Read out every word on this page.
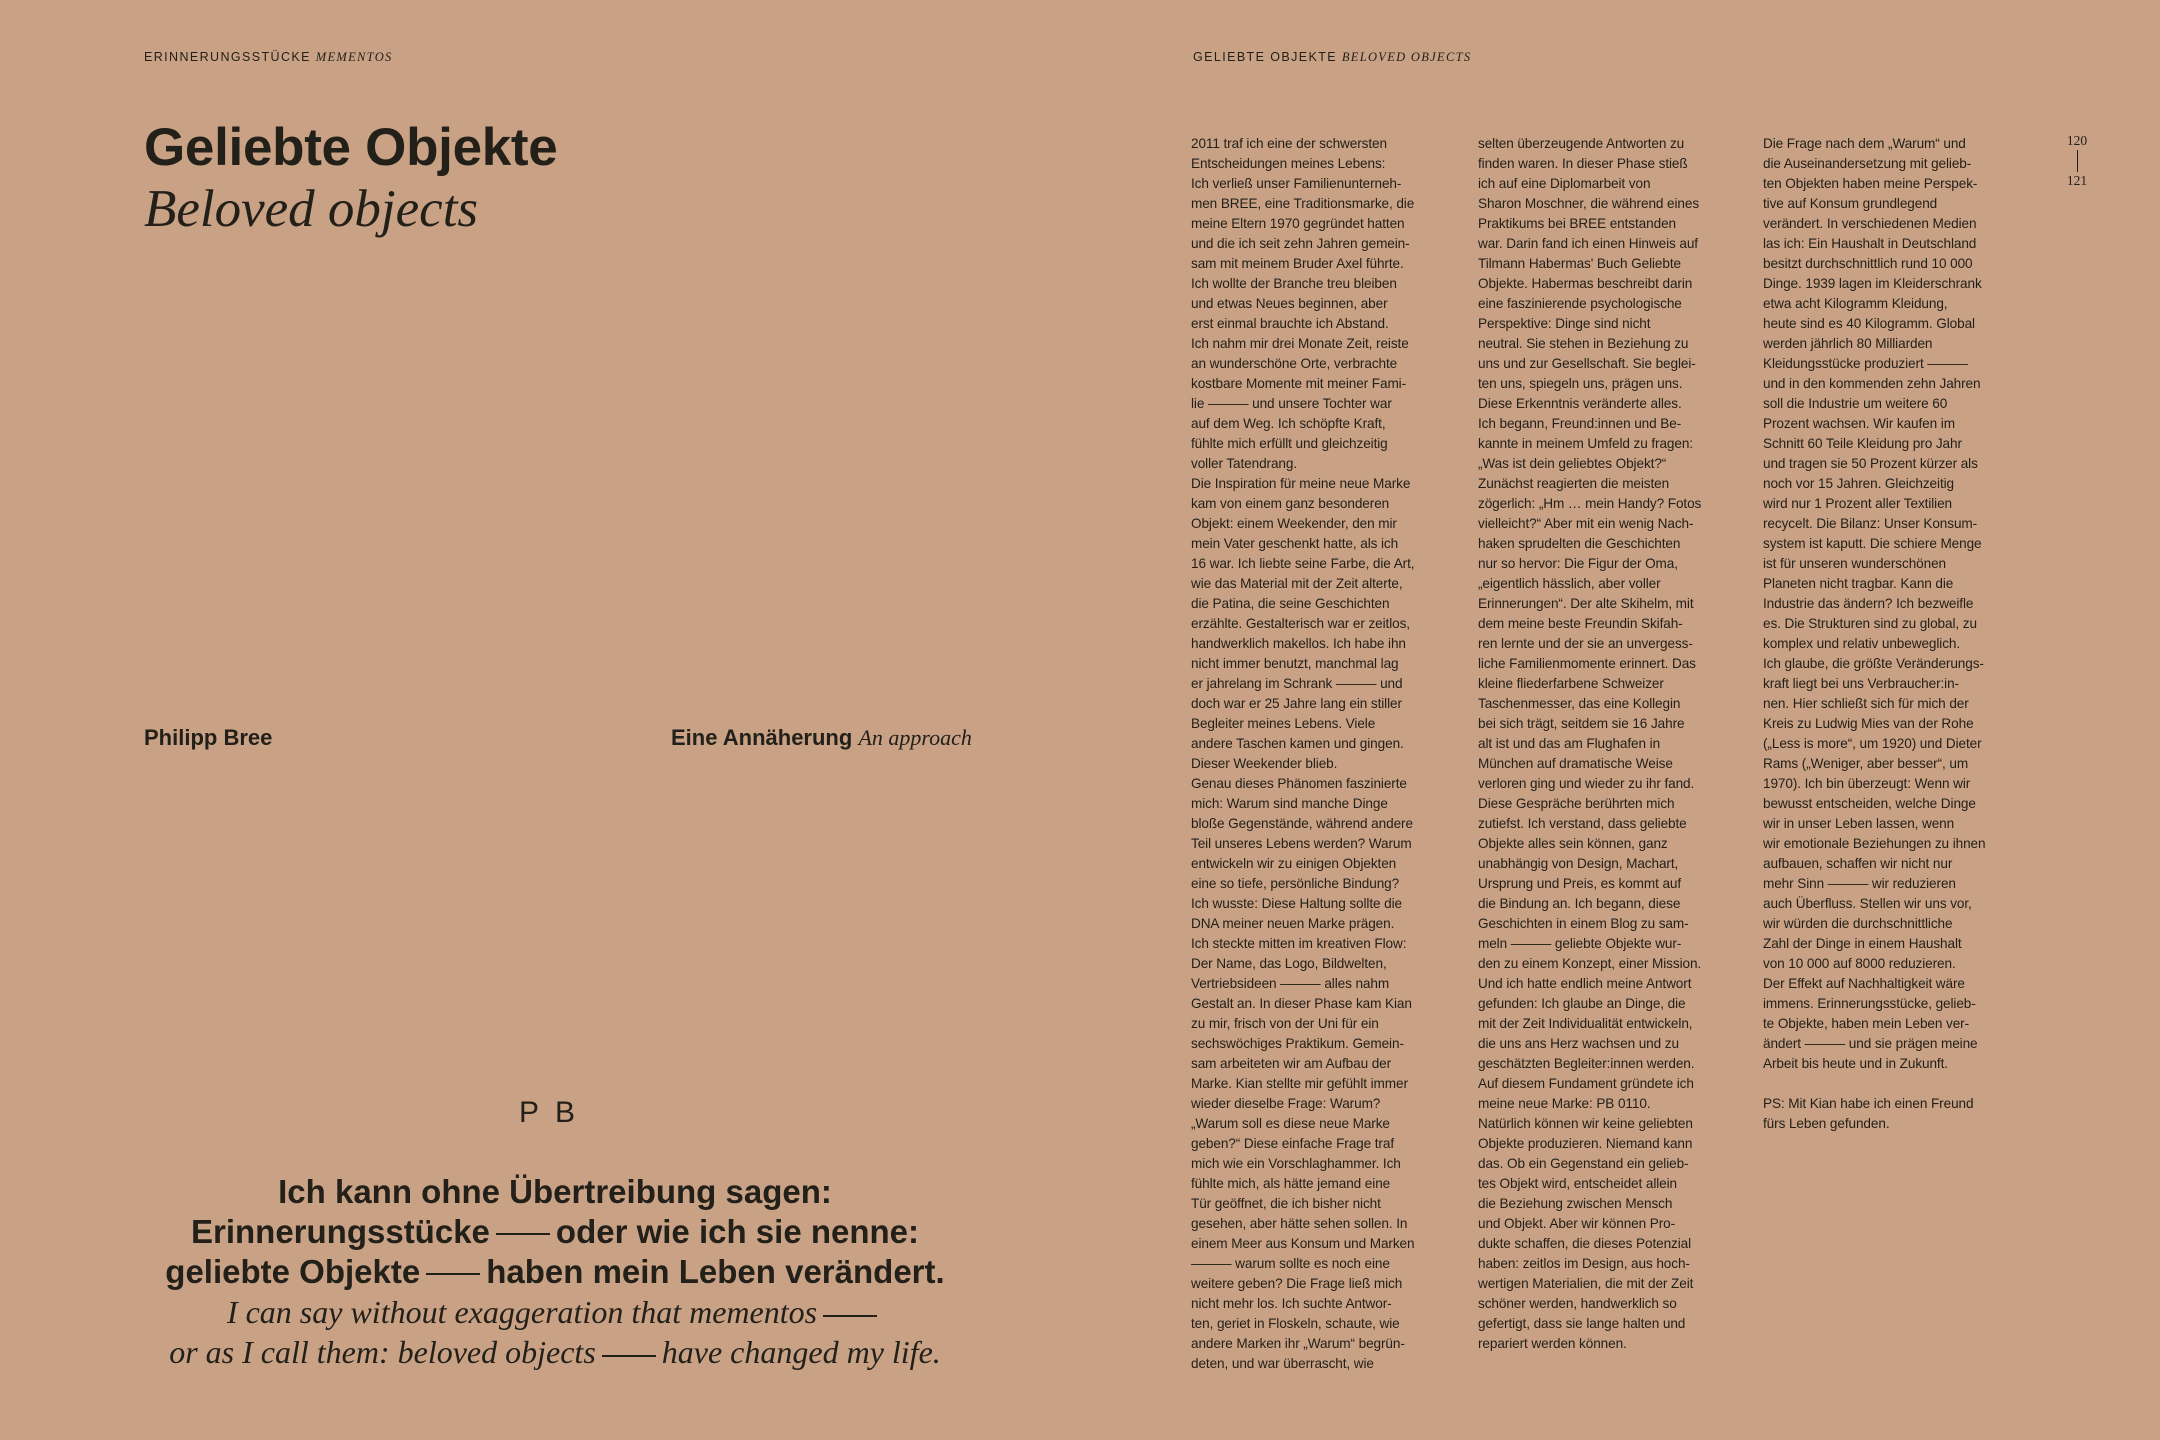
ERINNERUNGSSTÜCKE MEMENTOS
Geliebte Objekte
Beloved objects
Philipp Bree	Eine Annäherung An approach
PB
Ich kann ohne Übertreibung sagen:
Erinnerungsstücke oder wie ich sie nenne:
geliebte Objekte haben mein Leben verändert.
I can say without exaggeration that mementos
or as I call them: beloved objects have changed my life.
GELIEBTE OBJEKTE BELOVED OBJECTS

2011 traf ich eine der schwersten

Entscheidungen meines Lebens:

Ich verließ unser Familienunterneh-

men BREE, eine Traditionsmarke, die

meine Eltern 1970 gegründet hatten

und die ich seit zehn Jahren gemein-

sam mit meinem Bruder Axel führte.

Ich wollte der Branche treu bleiben

und etwas Neues beginnen, aber

erst einmal brauchte ich Abstand.

Ich nahm mir drei Monate Zeit, reiste

an wunderschöne Orte, verbrachte

kostbare Momente mit meiner Fami-

lie ——— und unsere Tochter war

auf dem Weg. Ich schöpfte Kraft,

fühlte mich erfüllt und gleichzeitig

voller Tatendrang.

Die Inspiration für meine neue Marke

kam von einem ganz besonderen

Objekt: einem Weekender, den mir

mein Vater geschenkt hatte, als ich

16 war. Ich liebte seine Farbe, die Art,

wie das Material mit der Zeit alterte,

die Patina, die seine Geschichten

erzählte. Gestalterisch war er zeitlos,

handwerklich makellos. Ich habe ihn

nicht immer benutzt, manchmal lag

er jahrelang im Schrank ——— und

doch war er 25 Jahre lang ein stiller

Begleiter meines Lebens. Viele

andere Taschen kamen und gingen.

Dieser Weekender blieb.

Genau dieses Phänomen faszinierte

mich: Warum sind manche Dinge

bloße Gegenstände, während andere

Teil unseres Lebens werden? Warum

entwickeln wir zu einigen Objekten

eine so tiefe, persönliche Bindung?

Ich wusste: Diese Haltung sollte die

DNA meiner neuen Marke prägen.

Ich steckte mitten im kreativen Flow:

Der Name, das Logo, Bildwelten,

Vertriebsideen ——— alles nahm

Gestalt an. In dieser Phase kam Kian

zu mir, frisch von der Uni für ein

sechswöchiges Praktikum. Gemein-

sam arbeiteten wir am Aufbau der

Marke. Kian stellte mir gefühlt immer

wieder dieselbe Frage: Warum?

„Warum soll es diese neue Marke

geben?“ Diese einfache Frage traf

mich wie ein Vorschlaghammer. Ich

fühlte mich, als hätte jemand eine

Tür geöffnet, die ich bisher nicht

gesehen, aber hätte sehen sollen. In

einem Meer aus Konsum und Marken

——— warum sollte es noch eine

weitere geben? Die Frage ließ mich

nicht mehr los. Ich suchte Antwor-

ten, geriet in Floskeln, schaute, wie

andere Marken ihr „Warum“ begrün-

deten, und war überrascht, wie

selten überzeugende Antworten zu

finden waren. In dieser Phase stieß

ich auf eine Diplomarbeit von

Sharon Moschner, die während eines

Praktikums bei BREE entstanden

war. Darin fand ich einen Hinweis auf

Tilmann Habermas' Buch Geliebte

Objekte. Habermas beschreibt darin

eine faszinierende psychologische

Perspektive: Dinge sind nicht

neutral. Sie stehen in Beziehung zu

uns und zur Gesellschaft. Sie beglei-

ten uns, spiegeln uns, prägen uns.

Diese Erkenntnis veränderte alles.

Ich begann, Freund:innen und Be-

kannte in meinem Umfeld zu fragen:

„Was ist dein geliebtes Objekt?“

Zunächst reagierten die meisten

zögerlich: „Hm … mein Handy? Fotos

vielleicht?“ Aber mit ein wenig Nach-

haken sprudelten die Geschichten

nur so hervor: Die Figur der Oma,

„eigentlich hässlich, aber voller

Erinnerungen“. Der alte Skihelm, mit

dem meine beste Freundin Skifah-

ren lernte und der sie an unvergess-

liche Familienmomente erinnert. Das

kleine fliederfarbene Schweizer

Taschenmesser, das eine Kollegin

bei sich trägt, seitdem sie 16 Jahre

alt ist und das am Flughafen in

München auf dramatische Weise

verloren ging und wieder zu ihr fand.

Diese Gespräche berührten mich

zutiefst. Ich verstand, dass geliebte

Objekte alles sein können, ganz

unabhängig von Design, Machart,

Ursprung und Preis, es kommt auf

die Bindung an. Ich begann, diese

Geschichten in einem Blog zu sam-

meln ——— geliebte Objekte wur-

den zu einem Konzept, einer Mission.

Und ich hatte endlich meine Antwort

gefunden: Ich glaube an Dinge, die

mit der Zeit Individualität entwickeln,

die uns ans Herz wachsen und zu

geschätzten Begleiter:innen werden.

Auf diesem Fundament gründete ich

meine neue Marke: PB 0110.

Natürlich können wir keine geliebten

Objekte produzieren. Niemand kann

das. Ob ein Gegenstand ein gelieb-

tes Objekt wird, entscheidet allein

die Beziehung zwischen Mensch

und Objekt. Aber wir können Pro-

dukte schaffen, die dieses Potenzial

haben: zeitlos im Design, aus hoch-

wertigen Materialien, die mit der Zeit

schöner werden, handwerklich so

gefertigt, dass sie lange halten und

repariert werden können.

Die Frage nach dem „Warum“ und

die Auseinandersetzung mit gelieb-

ten Objekten haben meine Perspek-

tive auf Konsum grundlegend

verändert. In verschiedenen Medien

las ich: Ein Haushalt in Deutschland

besitzt durchschnittlich rund 10 000

Dinge. 1939 lagen im Kleiderschrank

etwa acht Kilogramm Kleidung,

heute sind es 40 Kilogramm. Global

werden jährlich 80 Milliarden

Kleidungsstücke produziert ———

und in den kommenden zehn Jahren

soll die Industrie um weitere 60

Prozent wachsen. Wir kaufen im

Schnitt 60 Teile Kleidung pro Jahr

und tragen sie 50 Prozent kürzer als

noch vor 15 Jahren. Gleichzeitig

wird nur 1 Prozent aller Textilien

recycelt. Die Bilanz: Unser Konsum-

system ist kaputt. Die schiere Menge

ist für unseren wunderschönen

Planeten nicht tragbar. Kann die

Industrie das ändern? Ich bezweifle

es. Die Strukturen sind zu global, zu

komplex und relativ unbeweglich.

Ich glaube, die größte Veränderungs-

kraft liegt bei uns Verbraucher:in-

nen. Hier schließt sich für mich der

Kreis zu Ludwig Mies van der Rohe

(„Less is more“, um 1920) und Dieter

Rams („Weniger, aber besser“, um

1970). Ich bin überzeugt: Wenn wir

bewusst entscheiden, welche Dinge

wir in unser Leben lassen, wenn

wir emotionale Beziehungen zu ihnen

aufbauen, schaffen wir nicht nur

mehr Sinn ——— wir reduzieren

auch Überfluss. Stellen wir uns vor,

wir würden die durchschnittliche

Zahl der Dinge in einem Haushalt

von 10 000 auf 8000 reduzieren.

Der Effekt auf Nachhaltigkeit wäre

immens. Erinnerungsstücke, gelieb-

te Objekte, haben mein Leben ver-

ändert ——— und sie prägen meine

Arbeit bis heute und in Zukunft.

PS: Mit Kian habe ich einen Freund

fürs Leben gefunden.

120
121
